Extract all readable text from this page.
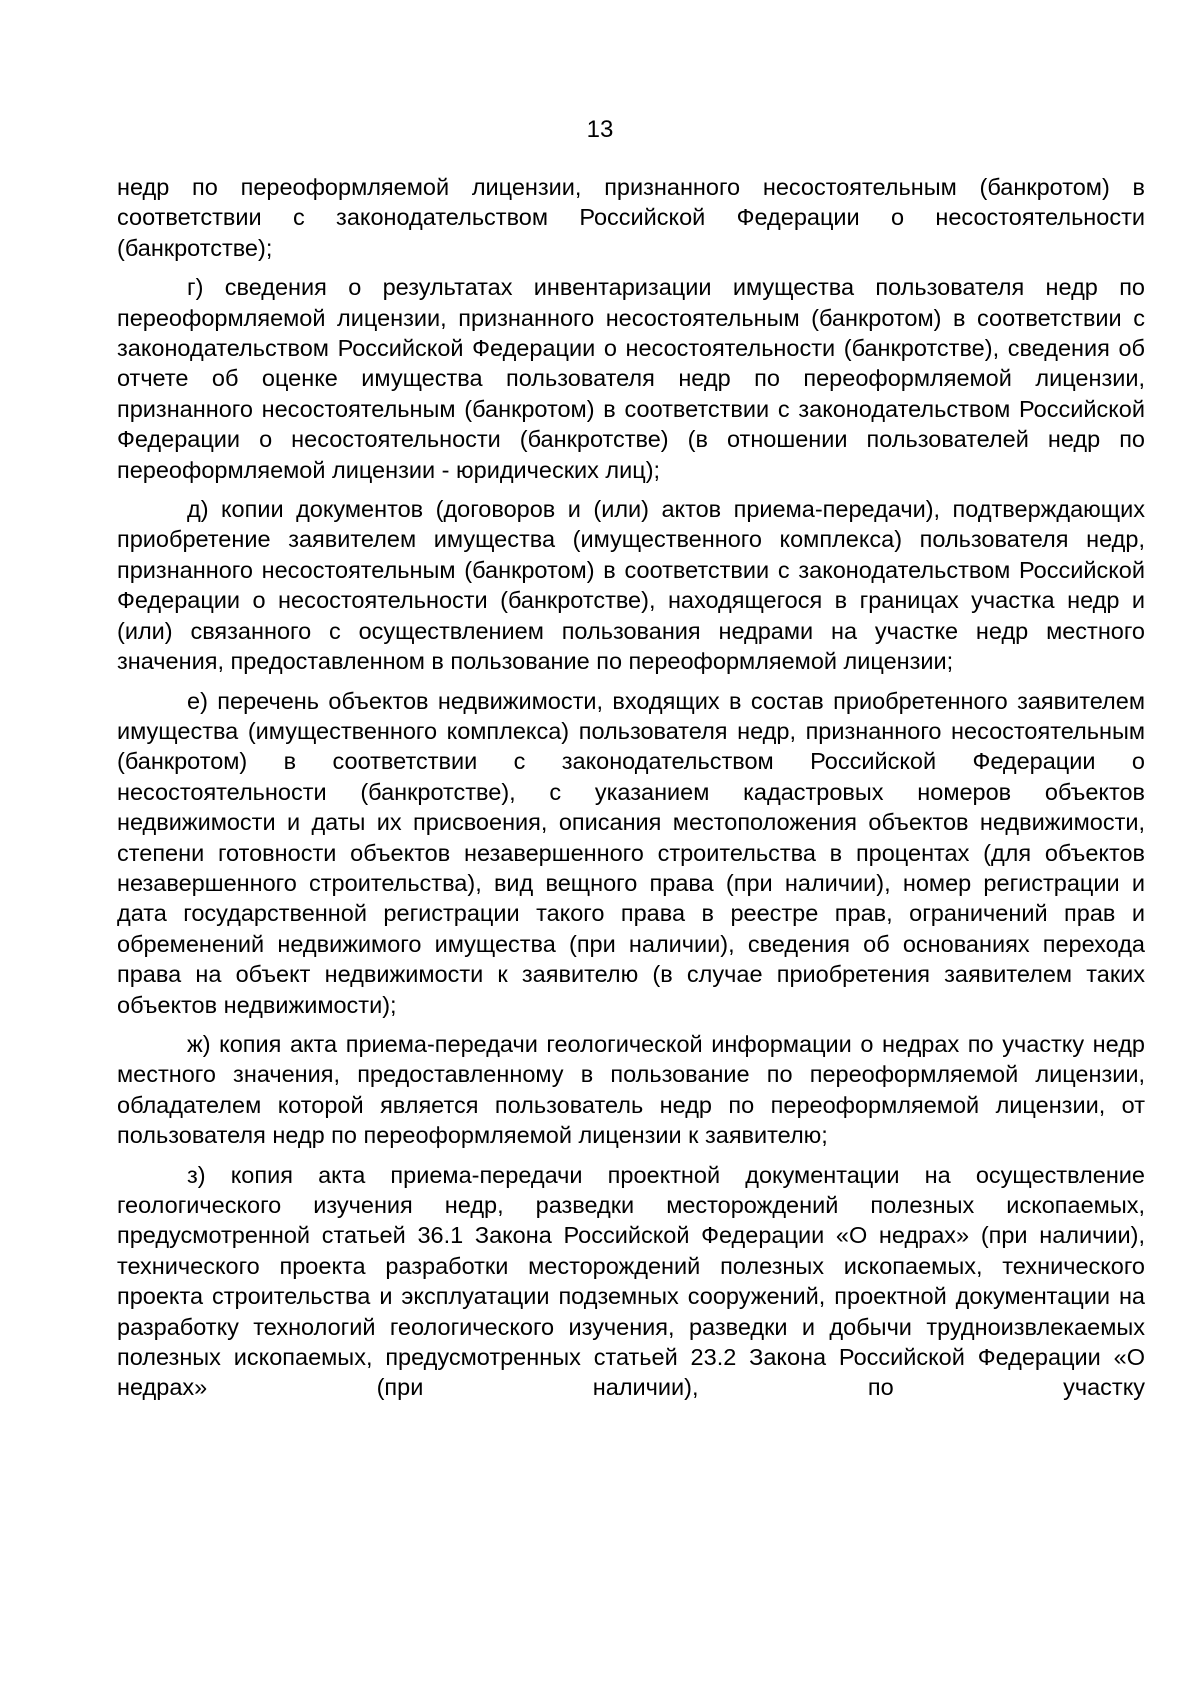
13

недр по переоформляемой лицензии, признанного несостоятельным (банкротом) в соответствии с законодательством Российской Федерации о несостоятельности (банкротстве);

г) сведения о результатах инвентаризации имущества пользователя недр по переоформляемой лицензии, признанного несостоятельным (банкротом) в соответствии с законодательством Российской Федерации о несостоятельности (банкротстве), сведения об отчете об оценке имущества пользователя недр по переоформляемой лицензии, признанного несостоятельным (банкротом) в соответствии с законодательством Российской Федерации о несостоятельности (банкротстве) (в отношении пользователей недр по переоформляемой лицензии - юридических лиц);

д) копии документов (договоров и (или) актов приема-передачи), подтверждающих приобретение заявителем имущества (имущественного комплекса) пользователя недр, признанного несостоятельным (банкротом) в соответствии с законодательством Российской Федерации о несостоятельности (банкротстве), находящегося в границах участка недр и (или) связанного с осуществлением пользования недрами на участке недр местного значения, предоставленном в пользование по переоформляемой лицензии;

е) перечень объектов недвижимости, входящих в состав приобретенного заявителем имущества (имущественного комплекса) пользователя недр, признанного несостоятельным (банкротом) в соответствии с законодательством Российской Федерации о несостоятельности (банкротстве), с указанием кадастровых номеров объектов недвижимости и даты их присвоения, описания местоположения объектов недвижимости, степени готовности объектов незавершенного строительства в процентах (для объектов незавершенного строительства), вид вещного права (при наличии), номер регистрации и дата государственной регистрации такого права в реестре прав, ограничений прав и обременений недвижимого имущества (при наличии), сведения об основаниях перехода права на объект недвижимости к заявителю (в случае приобретения заявителем таких объектов недвижимости);

ж) копия акта приема-передачи геологической информации о недрах по участку недр местного значения, предоставленному в пользование по переоформляемой лицензии, обладателем которой является пользователь недр по переоформляемой лицензии, от пользователя недр по переоформляемой лицензии к заявителю;

з) копия акта приема-передачи проектной документации на осуществление геологического изучения недр, разведки месторождений полезных ископаемых, предусмотренной статьей 36.1 Закона Российской Федерации «О недрах» (при наличии), технического проекта разработки месторождений полезных ископаемых, технического проекта строительства и эксплуатации подземных сооружений, проектной документации на разработку технологий геологического изучения, разведки и добычи трудноизвлекаемых полезных ископаемых, предусмотренных статьей 23.2 Закона Российской Федерации «О недрах» (при наличии), по участку
